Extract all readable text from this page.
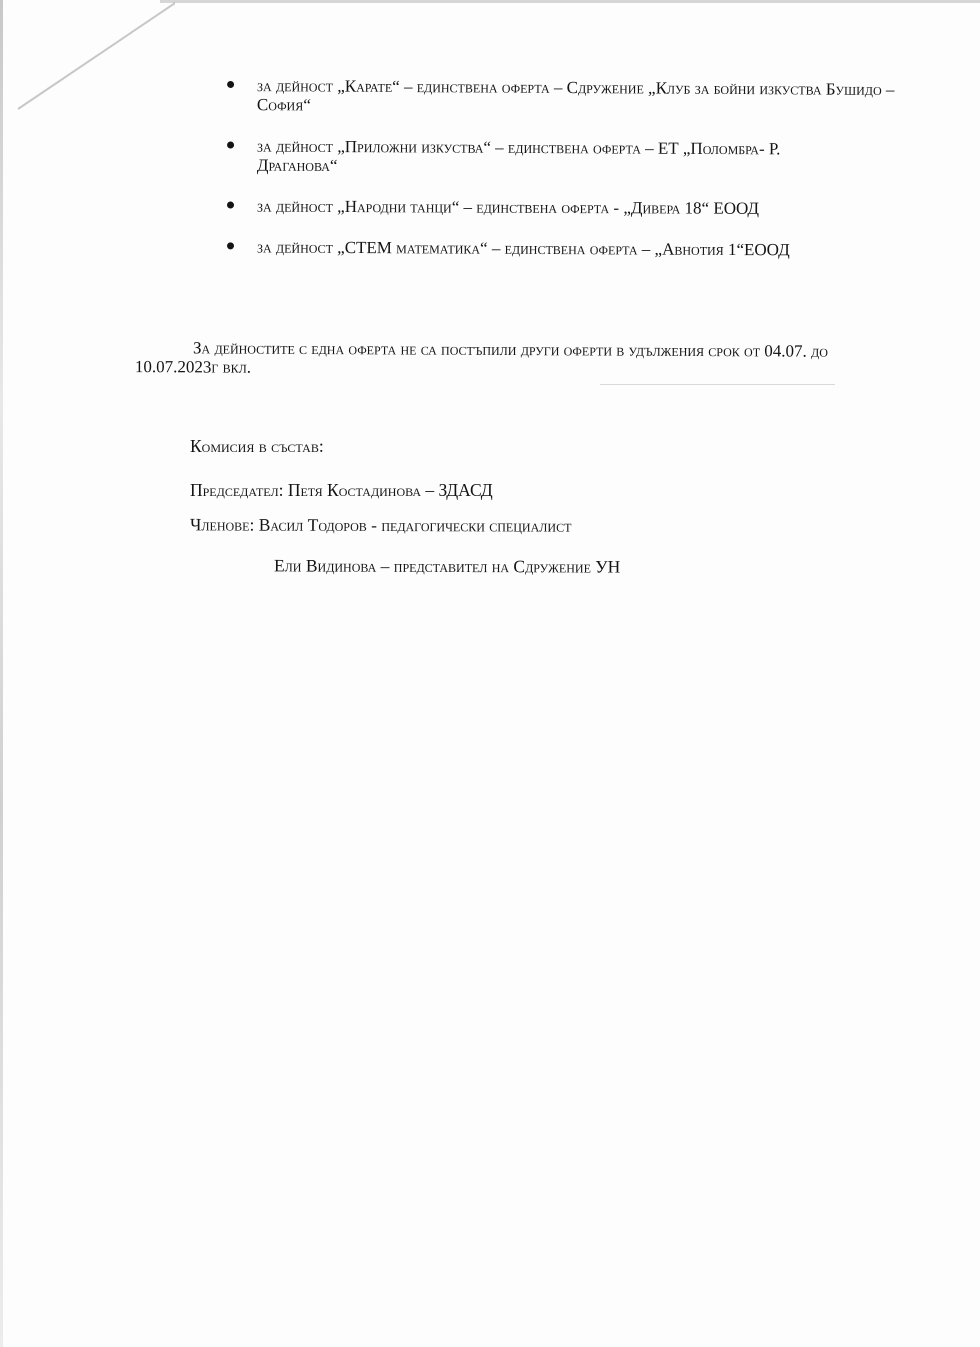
за дейност „Карате“ – единствена оферта – Сдружение „Клуб за бойни изкуства Бушидо – София“
за дейност „Приложни изкуства“ – единствена оферта – ЕТ „Поломбра- Р. Драганова“
за дейност „Народни танци“ – единствена оферта - „Дивера 18“ ЕООД
за дейност „СТЕМ математика“ – единствена оферта – „Авнотия 1“ЕООД

За дейностите с една оферта не са постъпили други оферти в удължения срок от 04.07. до 10.07.2023г вкл.

Комисия в състав:

Председател: Петя Костадинова – ЗДАСД

Членове: Васил Тодоров - педагогически специалист

Ели Видинова – представител на Сдружение УН
